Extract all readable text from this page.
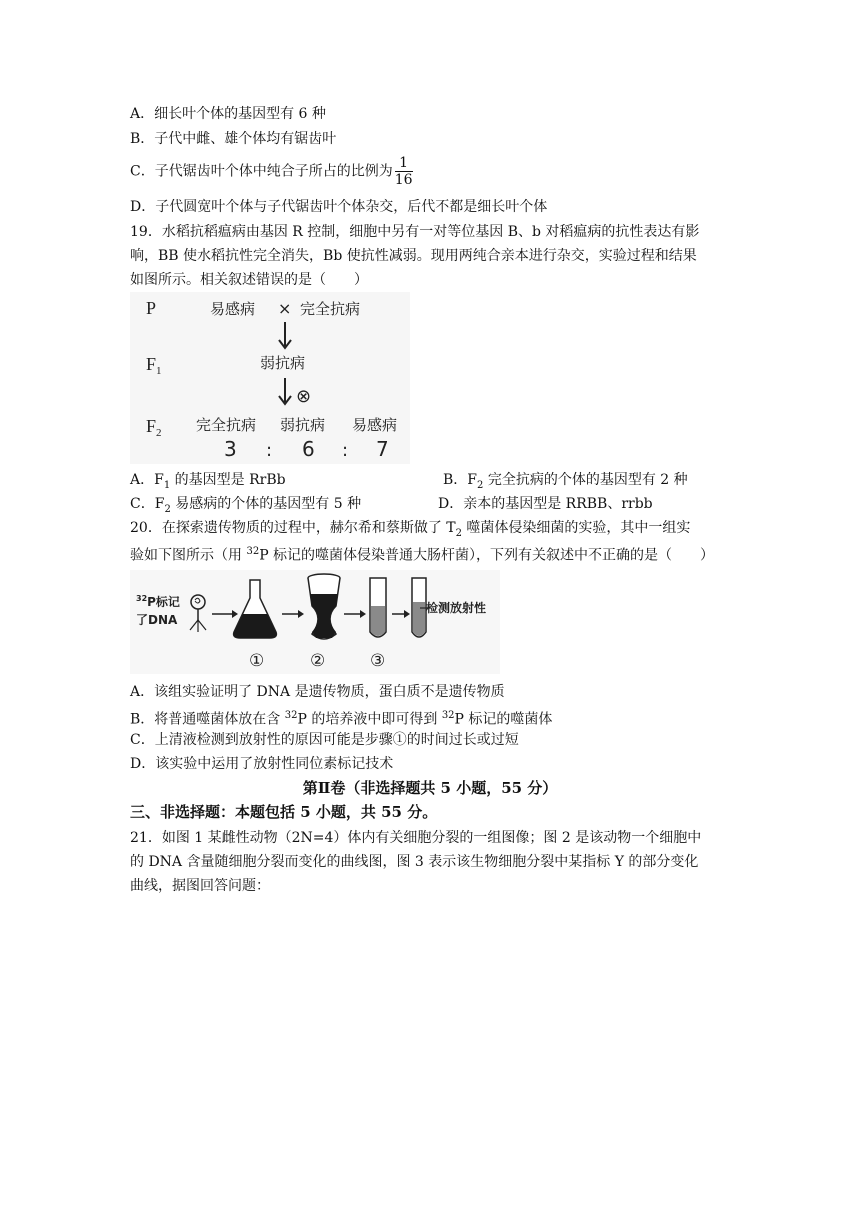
A．细长叶个体的基因型有 6 种
B．子代中雌、雄个体均有锯齿叶
C．子代锯齿叶个体中纯合子所占的比例为 $\frac{1}{16}$
D．子代圆宽叶个体与子代锯齿叶个体杂交，后代不都是细长叶个体
19．水稻抗稻瘟病由基因 R 控制，细胞中另有一对等位基因 B、b 对稻瘟病的抗性表达有影
响，BB 使水稻抗性完全消失，Bb 使抗性减弱。现用两纯合亲本进行杂交，实验过程和结果
如图所示。相关叙述错误的是（　　）
P	易感病 × 完全抗病
$F_1$	弱抗病
⊗
$F_2$ 完全抗病 弱抗病 易感病
3 : 6 : 7
A．$F_1$ 的基因型是 RrBb	B．$F_2$ 完全抗病的个体的基因型有 2 种
C．$F_2$ 易感病的个体的基因型有 5 种	D．亲本的基因型是 RRBB、rrbb
20．在探索遗传物质的过程中，赫尔希和蔡斯做了 $T_2$ 噬菌体侵染细菌的实验，其中一组实
验如下图所示（用 $^{32}$P 标记的噬菌体侵染普通大肠杆菌），下列有关叙述中不正确的是（　　）
$^{32}$P标记
了DNA
检测放射性
①	②	③
A．该组实验证明了 DNA 是遗传物质，蛋白质不是遗传物质
B．将普通噬菌体放在含 $^{32}$P 的培养液中即可得到 $^{32}$P 标记的噬菌体
C．上清液检测到放射性的原因可能是步骤①的时间过长或过短
D．该实验中运用了放射性同位素标记技术
第Ⅱ卷（非选择题共 5 小题，55 分）
三、非选择题：本题包括 5 小题，共 55 分。
21．如图 1 某雌性动物（2N=4）体内有关细胞分裂的一组图像；图 2 是该动物一个细胞中
的 DNA 含量随细胞分裂而变化的曲线图，图 3 表示该生物细胞分裂中某指标 Y 的部分变化
曲线，据图回答问题：
